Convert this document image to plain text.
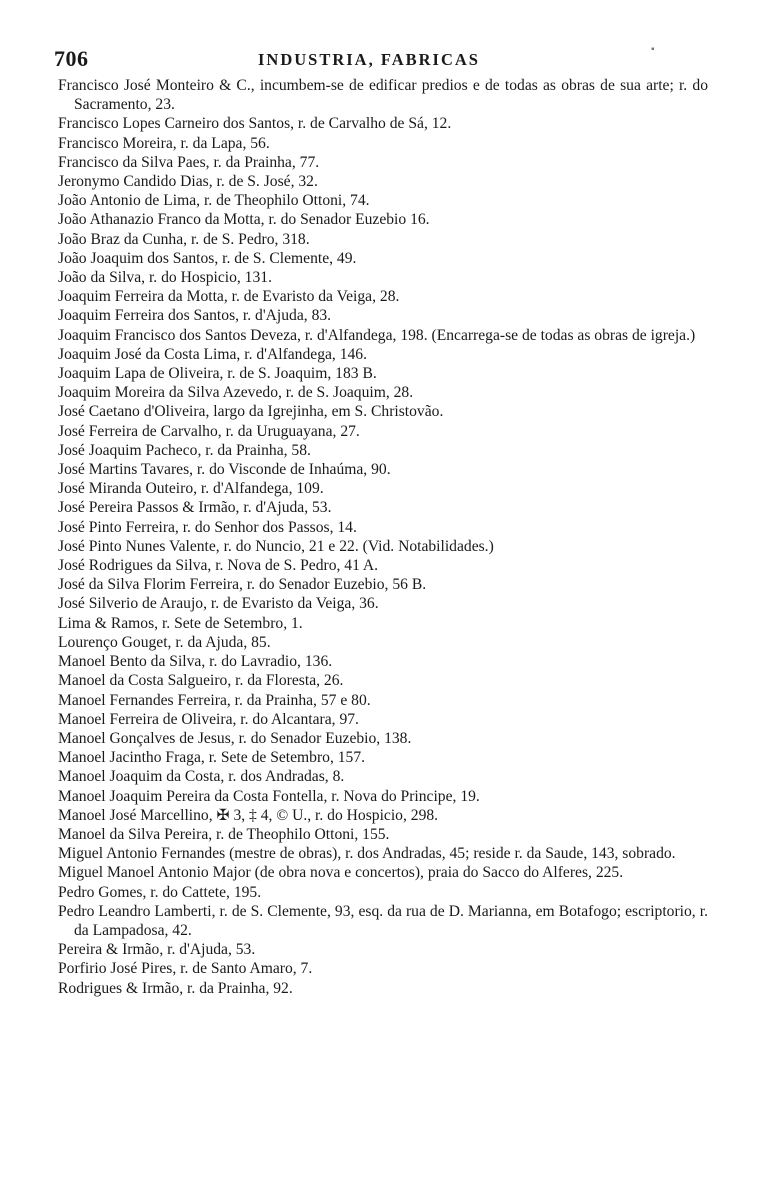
706	INDUSTRIA, FABRICAS
▪

Francisco José Monteiro & C., incumbem-se de edificar predios e de todas as obras de sua arte; r. do Sacramento, 23.

Francisco Lopes Carneiro dos Santos, r. de Carvalho de Sá, 12.

Francisco Moreira, r. da Lapa, 56.

Francisco da Silva Paes, r. da Prainha, 77.

Jeronymo Candido Dias, r. de S. José, 32.

João Antonio de Lima, r. de Theophilo Ottoni, 74.

João Athanazio Franco da Motta, r. do Senador Euzebio 16.

João Braz da Cunha, r. de S. Pedro, 318.

João Joaquim dos Santos, r. de S. Clemente, 49.

João da Silva, r. do Hospicio, 131.

Joaquim Ferreira da Motta, r. de Evaristo da Veiga, 28.

Joaquim Ferreira dos Santos, r. d'Ajuda, 83.

Joaquim Francisco dos Santos Deveza, r. d'Alfandega, 198. (Encarrega-se de todas as obras de igreja.)

Joaquim José da Costa Lima, r. d'Alfandega, 146.

Joaquim Lapa de Oliveira, r. de S. Joaquim, 183 B.

Joaquim Moreira da Silva Azevedo, r. de S. Joaquim, 28.

José Caetano d'Oliveira, largo da Igrejinha, em S. Christovão.

José Ferreira de Carvalho, r. da Uruguayana, 27.

José Joaquim Pacheco, r. da Prainha, 58.

José Martins Tavares, r. do Visconde de Inhaúma, 90.

José Miranda Outeiro, r. d'Alfandega, 109.

José Pereira Passos & Irmão, r. d'Ajuda, 53.

José Pinto Ferreira, r. do Senhor dos Passos, 14.

José Pinto Nunes Valente, r. do Nuncio, 21 e 22. (Vid. Notabilidades.)

José Rodrigues da Silva, r. Nova de S. Pedro, 41 A.

José da Silva Florim Ferreira, r. do Senador Euzebio, 56 B.

José Silverio de Araujo, r. de Evaristo da Veiga, 36.

Lima & Ramos, r. Sete de Setembro, 1.

Lourenço Gouget, r. da Ajuda, 85.

Manoel Bento da Silva, r. do Lavradio, 136.

Manoel da Costa Salgueiro, r. da Floresta, 26.

Manoel Fernandes Ferreira, r. da Prainha, 57 e 80.

Manoel Ferreira de Oliveira, r. do Alcantara, 97.

Manoel Gonçalves de Jesus, r. do Senador Euzebio, 138.

Manoel Jacintho Fraga, r. Sete de Setembro, 157.

Manoel Joaquim da Costa, r. dos Andradas, 8.

Manoel Joaquim Pereira da Costa Fontella, r. Nova do Principe, 19.

Manoel José Marcellino, ✠ 3, ‡ 4, © U., r. do Hospicio, 298.

Manoel da Silva Pereira, r. de Theophilo Ottoni, 155.

Miguel Antonio Fernandes (mestre de obras), r. dos Andradas, 45; reside r. da Saude, 143, sobrado.

Miguel Manoel Antonio Major (de obra nova e concertos), praia do Sacco do Alferes, 225.

Pedro Gomes, r. do Cattete, 195.

Pedro Leandro Lamberti, r. de S. Clemente, 93, esq. da rua de D. Marianna, em Botafogo; escriptorio, r. da Lampadosa, 42.

Pereira & Irmão, r. d'Ajuda, 53.

Porfirio José Pires, r. de Santo Amaro, 7.

Rodrigues & Irmão, r. da Prainha, 92.
